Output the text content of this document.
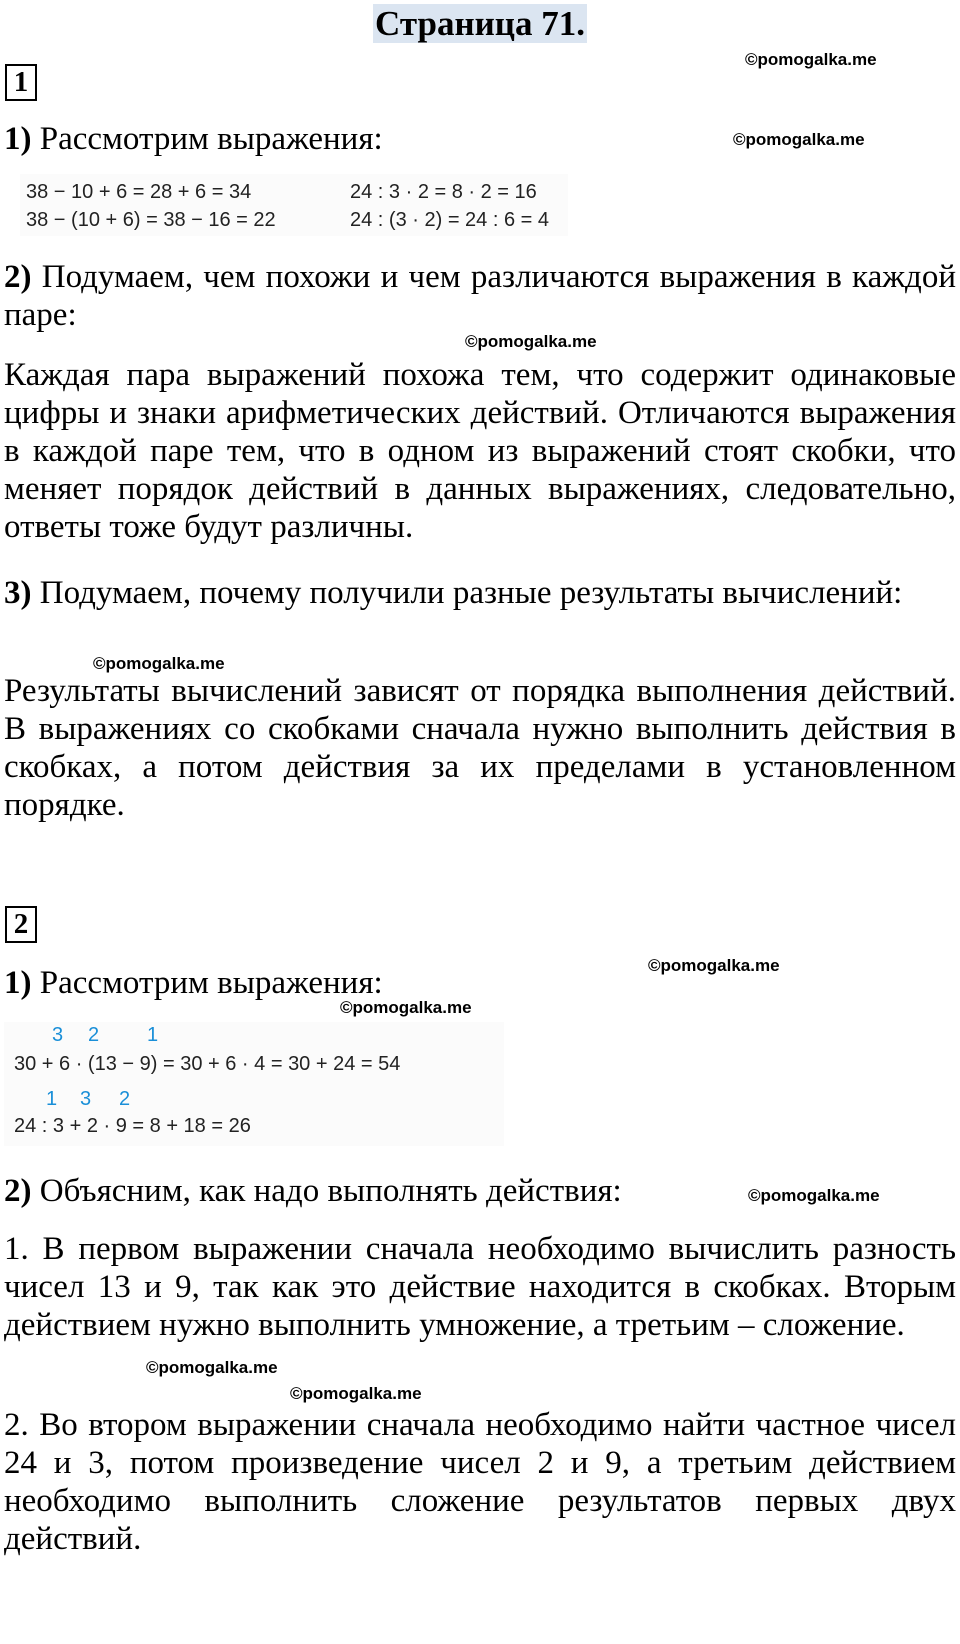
Страница 71.
©pomogalka.me
©pomogalka.me
©pomogalka.me
©pomogalka.me
©pomogalka.me
©pomogalka.me
©pomogalka.me
©pomogalka.me
©pomogalka.me
1
1) Рассмотрим выражения:
38 − 10 + 6 = 28 + 6 = 34
38 − (10 + 6) = 38 − 16 = 22
24 : 3 · 2 = 8 · 2 = 16
24 : (3 · 2) = 24 : 6 = 4
2) Подумаем, чем похожи и чем различаются выражения в каждой паре:
Каждая пара выражений похожа тем, что содержит одинаковые цифры и знаки арифметических действий. Отличаются выражения в каждой паре тем, что в одном из выражений стоят скобки, что меняет порядок действий в данных выражениях, следовательно, ответы тоже будут различны.
3) Подумаем, почему получили разные результаты вычислений:
Результаты вычислений зависят от порядка выполнения действий. В выражениях со скобками сначала нужно выполнить действия в скобках, а потом действия за их пределами в установленном порядке.
2
1) Рассмотрим выражения:
3 2 1
30 + 6 · (13 − 9) = 30 + 6 · 4 = 30 + 24 = 54
1 3 2
24 : 3 + 2 · 9 = 8 + 18 = 26
2) Объясним, как надо выполнять действия:
1. В первом выражении сначала необходимо вычислить разность чисел 13 и 9, так как это действие находится в скобках. Вторым действием нужно выполнить умножение, а третьим – сложение.
2. Во втором выражении сначала необходимо найти частное чисел 24 и 3, потом произведение чисел 2 и 9, а третьим действием необходимо выполнить сложение результатов первых двух действий.
